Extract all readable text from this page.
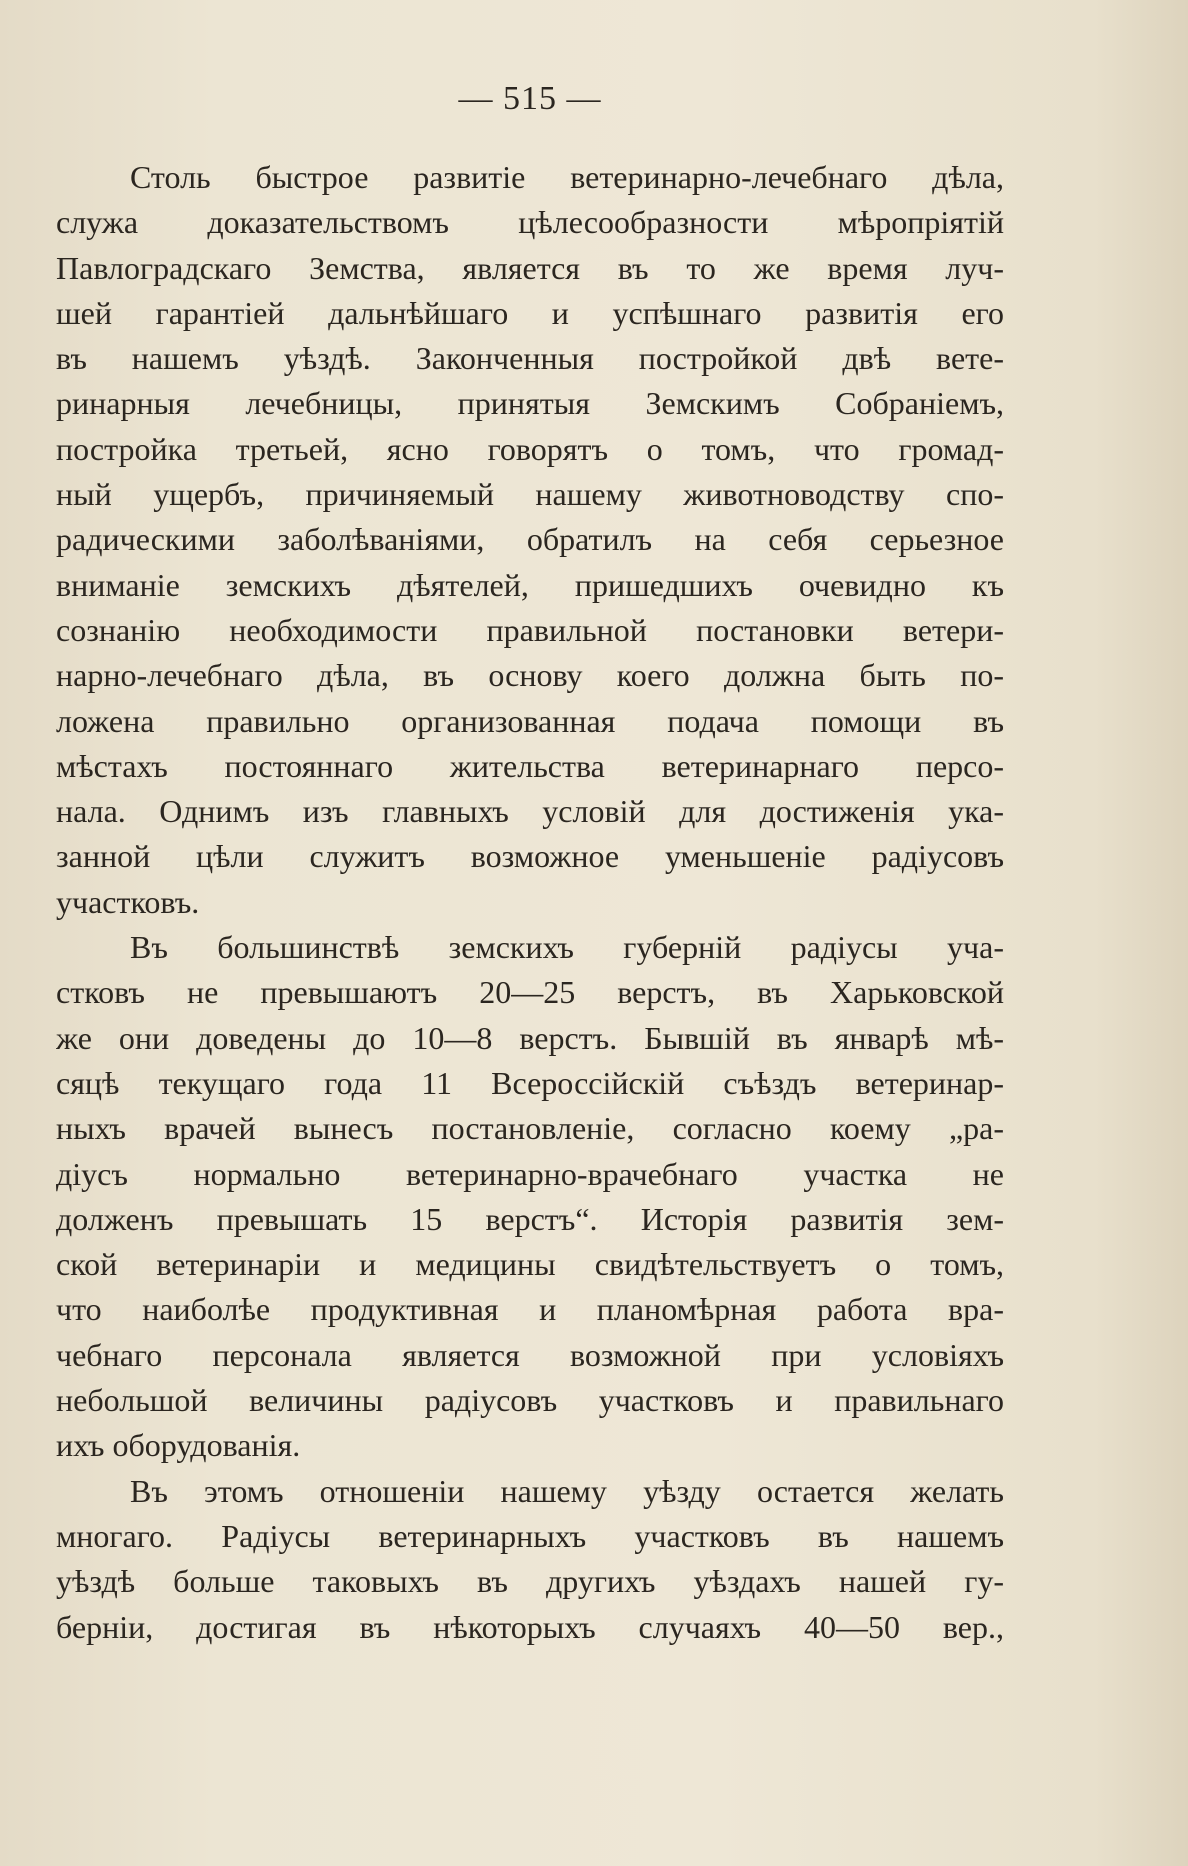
— 515 —
Столь быстрое развитіе ветеринарно-лечебнаго дѣла,
служа доказательствомъ цѣлесообразности мѣропріятій
Павлоградскаго Земства, является въ то же время луч-
шей гарантіей дальнѣйшаго и успѣшнаго развитія его
въ нашемъ уѣздѣ. Законченныя постройкой двѣ вете-
ринарныя лечебницы, принятыя Земскимъ Собраніемъ,
постройка третьей, ясно говорятъ о томъ, что громад-
ный ущербъ, причиняемый нашему животноводству спо-
радическими заболѣваніями, обратилъ на себя серьезное
вниманіе земскихъ дѣятелей, пришедшихъ очевидно къ
сознанію необходимости правильной постановки ветери-
нарно-лечебнаго дѣла, въ основу коего должна быть по-
ложена правильно организованная подача помощи въ
мѣстахъ постояннаго жительства ветеринарнаго персо-
нала. Однимъ изъ главныхъ условій для достиженія ука-
занной цѣли служитъ возможное уменьшеніе радіусовъ
участковъ.
Въ большинствѣ земскихъ губерній радіусы уча-
стковъ не превышаютъ 20—25 верстъ, въ Харьковской
же они доведены до 10—8 верстъ. Бывшій въ январѣ мѣ-
сяцѣ текущаго года 11 Всероссійскій съѣздъ ветеринар-
ныхъ врачей вынесъ постановленіе, согласно коему „ра-
діусъ нормально ветеринарно-врачебнаго участка не
долженъ превышать 15 верстъ“. Исторія развитія зем-
ской ветеринаріи и медицины свидѣтельствуетъ о томъ,
что наиболѣе продуктивная и планомѣрная работа вра-
чебнаго персонала является возможной при условіяхъ
небольшой величины радіусовъ участковъ и правильнаго
ихъ оборудованія.
Въ этомъ отношеніи нашему уѣзду остается желать
многаго. Радіусы ветеринарныхъ участковъ въ нашемъ
уѣздѣ больше таковыхъ въ другихъ уѣздахъ нашей гу-
берніи, достигая въ нѣкоторыхъ случаяхъ 40—50 вер.,
